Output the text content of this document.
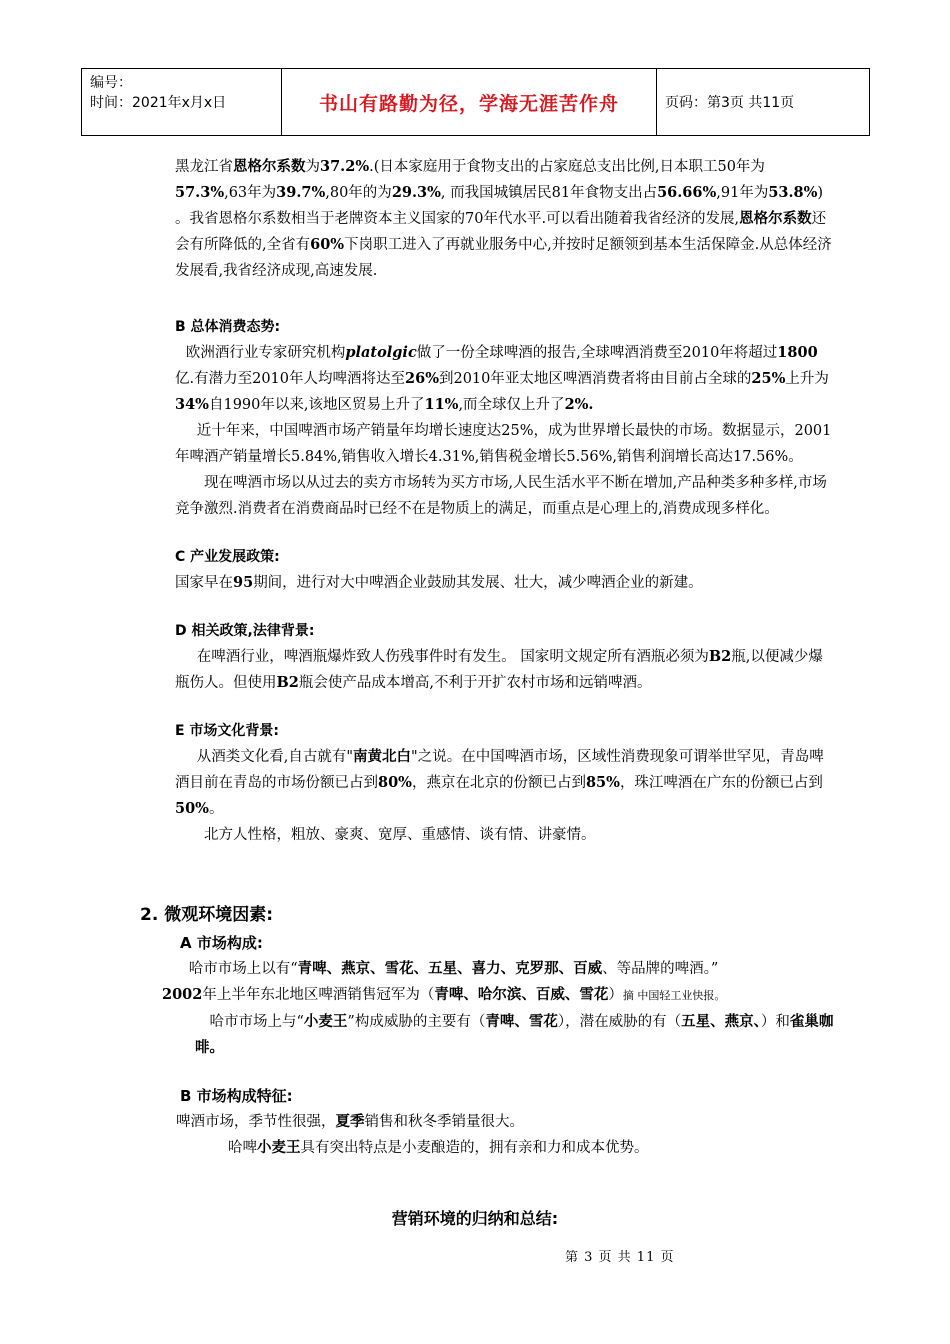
编号：
时间：2021年x月x日	书山有路勤为径，学海无涯苦作舟	页码：第3页 共11页

黑龙江省恩格尔系数为37.2%.(日本家庭用于食物支出的占家庭总支出比例,日本职工50年为57.3%,63年为39.7%,80年的为29.3%, 而我国城镇居民81年食物支出占56.66%,91年为53.8%) 。我省恩格尔系数相当于老牌资本主义国家的70年代水平.可以看出随着我省经济的发展,恩格尔系数还会有所降低的,全省有60%下岗职工进入了再就业服务中心,并按时足额领到基本生活保障金.从总体经济发展看,我省经济成现,高速发展.

B 总体消费态势:

欧洲酒行业专家研究机构platolgic做了一份全球啤酒的报告,全球啤酒消费至2010年将超过1800亿.有潜力至2010年人均啤酒将达至26%到2010年亚太地区啤酒消费者将由目前占全球的25%上升为34%自1990年以来,该地区贸易上升了11%,而全球仅上升了2%.

近十年来，中国啤酒市场产销量年均增长速度达25%，成为世界增长最快的市场。数据显示，2001年啤酒产销量增长5.84%,销售收入增长4.31%,销售税金增长5.56%,销售利润增长高达17.56%。

现在啤酒市场以从过去的卖方市场转为买方市场,人民生活水平不断在增加,产品种类多种多样,市场竞争激烈.消费者在消费商品时已经不在是物质上的满足，而重点是心理上的,消费成现多样化。

C 产业发展政策:

国家早在95期间，进行对大中啤酒企业鼓励其发展、壮大，减少啤酒企业的新建。

D 相关政策,法律背景:

在啤酒行业，啤酒瓶爆炸致人伤残事件时有发生。 国家明文规定所有酒瓶必须为B2瓶,以便减少爆瓶伤人。但使用B2瓶会使产品成本增高,不利于开扩农村市场和远销啤酒。

E 市场文化背景:

从酒类文化看,自古就有"南黄北白"之说。在中国啤酒市场，区域性消费现象可谓举世罕见，青岛啤酒目前在青岛的市场份额已占到80%，燕京在北京的份额已占到85%，珠江啤酒在广东的份额已占到50%。

北方人性格，粗放、豪爽、宽厚、重感情、谈有情、讲豪情。

2. 微观环境因素:

A 市场构成:

哈市市场上以有“青啤、燕京、雪花、五星、喜力、克罗那、百威、等品牌的啤酒。”

2002年上半年东北地区啤酒销售冠军为（青啤、哈尔滨、百威、雪花）摘 中国轻工业快报。

哈市市场上与“小麦王”构成威胁的主要有（青啤、雪花），潜在威胁的有（五星、燕京、）和雀巢咖啡。

B 市场构成特征:

啤酒市场，季节性很强，夏季销售和秋冬季销量很大。

哈啤小麦王具有突出特点是小麦酿造的，拥有亲和力和成本优势。

营销环境的归纳和总结:
第 3 页 共 11 页
